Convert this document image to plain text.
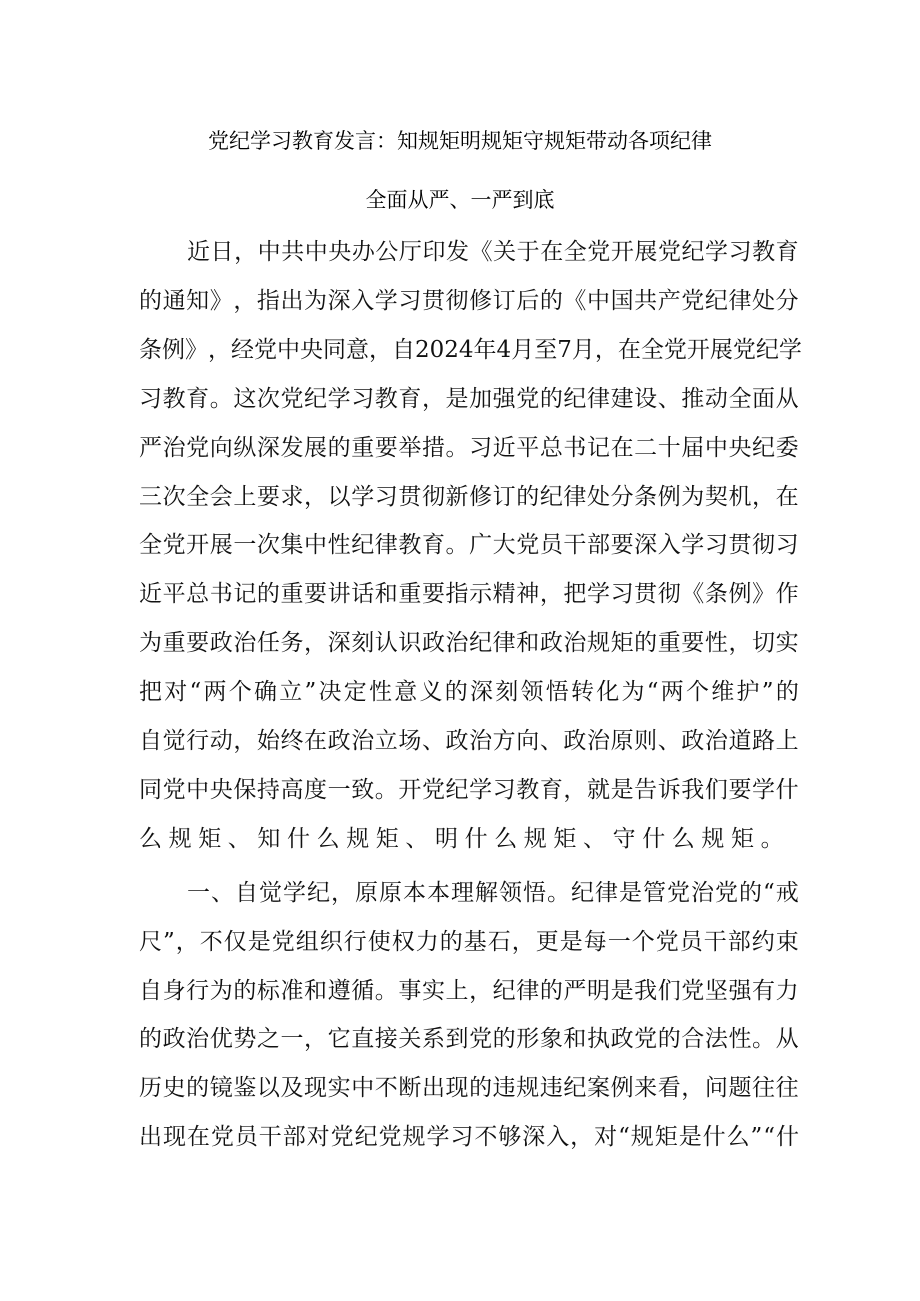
党纪学习教育发言：知规矩明规矩守规矩带动各项纪律
全面从严、一严到底
近 日 ， 中 共 中 央 办 公 厅 印 发 《 关 于 在 全 党 开 展 党 纪 学 习 教 育
的 通 知 》 ， 指 出 为 深 入 学 习 贯 彻 修 订 后 的 《 中 国 共 产 党 纪 律 处 分
条 例 》 ， 经 党 中 央 同 意 ， 自 2024 年 4 月 至 7 月 ， 在 全 党 开 展 党 纪 学
习 教 育 。 这 次 党 纪 学 习 教 育 ， 是 加 强 党 的 纪 律 建 设 、 推 动 全 面 从
严 治 党 向 纵 深 发 展 的 重 要 举 措 。 习 近 平 总 书 记 在 二 十 届 中 央 纪 委
三 次 全 会 上 要 求 ， 以 学 习 贯 彻 新 修 订 的 纪 律 处 分 条 例 为 契 机 ， 在
全 党 开 展 一 次 集 中 性 纪 律 教 育 。 广 大 党 员 干 部 要 深 入 学 习 贯 彻 习
近 平 总 书 记 的 重 要 讲 话 和 重 要 指 示 精 神 ， 把 学 习 贯 彻 《 条 例 》 作
为 重 要 政 治 任 务 ， 深 刻 认 识 政 治 纪 律 和 政 治 规 矩 的 重 要 性 ， 切 实
把 对 “ 两 个 确 立 ” 决 定 性 意 义 的 深 刻 领 悟 转 化 为 “ 两 个 维 护 ” 的
自 觉 行 动 ， 始 终 在 政 治 立 场 、 政 治 方 向 、 政 治 原 则 、 政 治 道 路 上
同 党 中 央 保 持 高 度 一 致 。 开 党 纪 学 习 教 育 ， 就 是 告 诉 我 们 要 学 什
么规矩、知什么规矩、明什么规矩、守什么规矩。
一 、 自 觉 学 纪 ， 原 原 本 本 理 解 领 悟 。 纪 律 是 管 党 治 党 的 “ 戒
尺 ” ， 不 仅 是 党 组 织 行 使 权 力 的 基 石 ， 更 是 每 一 个 党 员 干 部 约 束
自 身 行 为 的 标 准 和 遵 循 。 事 实 上 ， 纪 律 的 严 明 是 我 们 党 坚 强 有 力
的 政 治 优 势 之 一 ， 它 直 接 关 系 到 党 的 形 象 和 执 政 党 的 合 法 性 。 从
历 史 的 镜 鉴 以 及 现 实 中 不 断 出 现 的 违 规 违 纪 案 例 来 看 ， 问 题 往 往
出 现 在 党 员 干 部 对 党 纪 党 规 学 习 不 够 深 入 ， 对 “ 规 矩 是 什 么 ” “ 什
